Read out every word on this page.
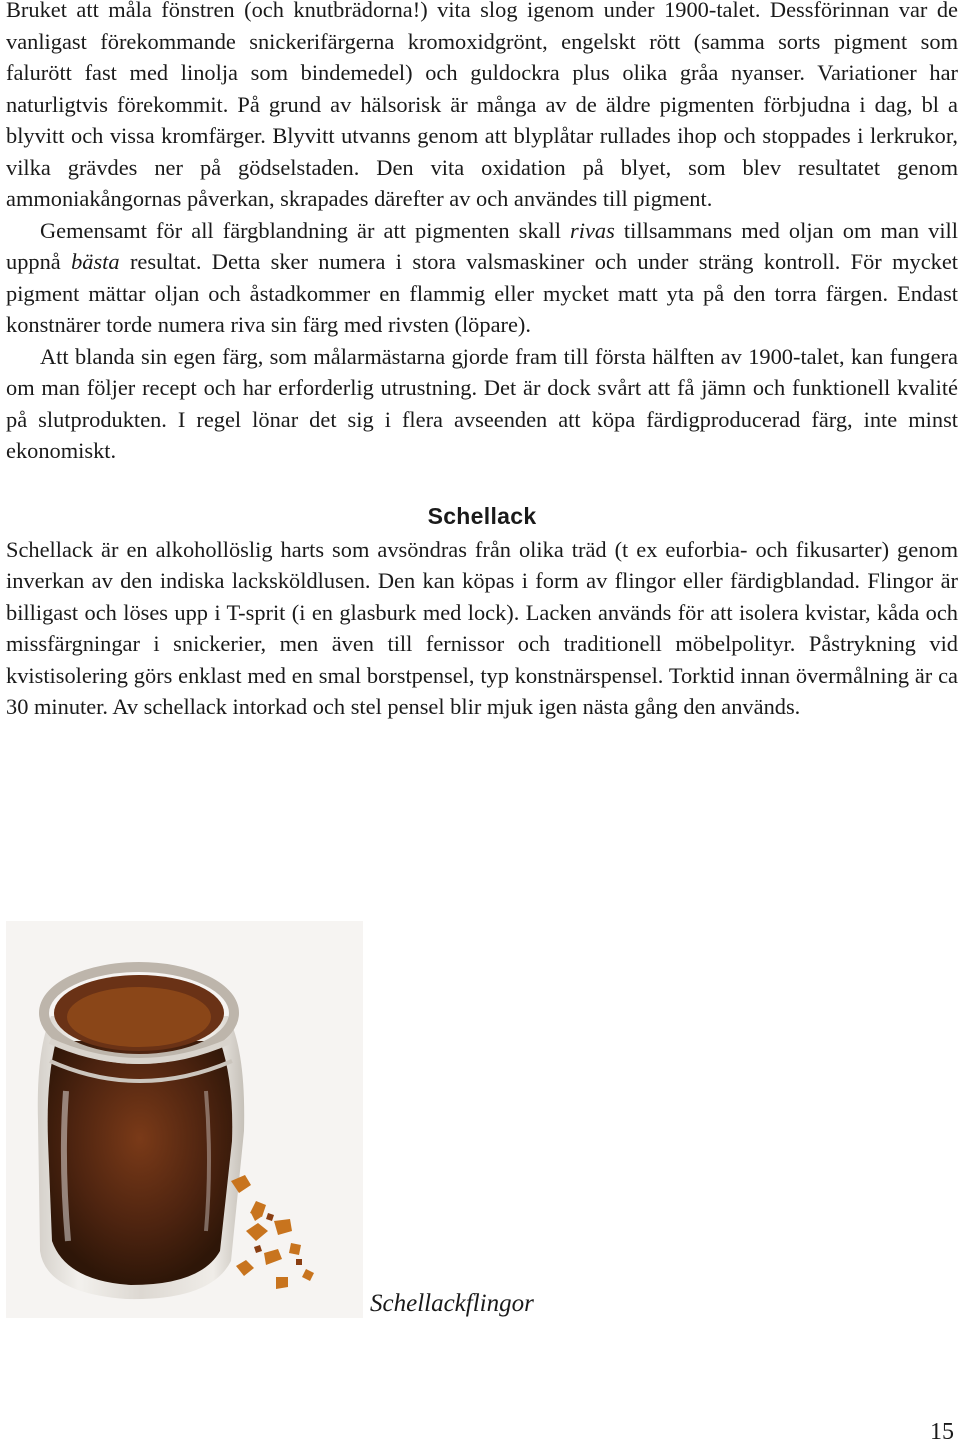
Bruket att måla fönstren (och knutbrädorna!) vita slog igenom under 1900-talet. Dessförinnan var de vanligast förekommande snickerifärgerna kromoxidgrönt, engelskt rött (samma sorts pigment som falurött fast med linolja som bindemedel) och guldockra plus olika gråa nyanser. Variationer har naturligtvis förekommit. På grund av hälsorisk är många av de äldre pigmenten förbjudna i dag, bl a blyvitt och vissa kromfärger. Blyvitt utvanns genom att blyplåtar rullades ihop och stoppades i lerkrukor, vilka grävdes ner på gödselstaden. Den vita oxidation på blyet, som blev resultatet genom ammoniakångornas påverkan, skrapades därefter av och användes till pigment.

Gemensamt för all färgblandning är att pigmenten skall rivas tillsammans med oljan om man vill uppnå bästa resultat. Detta sker numera i stora valsmaskiner och under sträng kontroll. För mycket pigment mättar oljan och åstadkommer en flammig eller mycket matt yta på den torra färgen. Endast konstnärer torde numera riva sin färg med rivsten (löpare).

Att blanda sin egen färg, som målarmästarna gjorde fram till första hälften av 1900-talet, kan fungera om man följer recept och har erforderlig utrustning. Det är dock svårt att få jämn och funktionell kvalité på slutprodukten. I regel lönar det sig i flera avseenden att köpa färdigproducerad färg, inte minst ekonomiskt.

Schellack

Schellack är en alkohollöslig harts som avsöndras från olika träd (t ex euforbia- och fikusarter) genom inverkan av den indiska lacksköldlusen. Den kan köpas i form av flingor eller färdigblandad. Flingor är billigast och löses upp i T-sprit (i en glasburk med lock). Lacken används för att isolera kvistar, kåda och missfärgningar i snickerier, men även till fernissor och traditionell möbelpolityr. Påstrykning vid kvistisolering görs enklast med en smal borstpensel, typ konstnärspensel. Torktid innan övermålning är ca 30 minuter. Av schellack intorkad och stel pensel blir mjuk igen nästa gång den används.

Schellackflingor
15
